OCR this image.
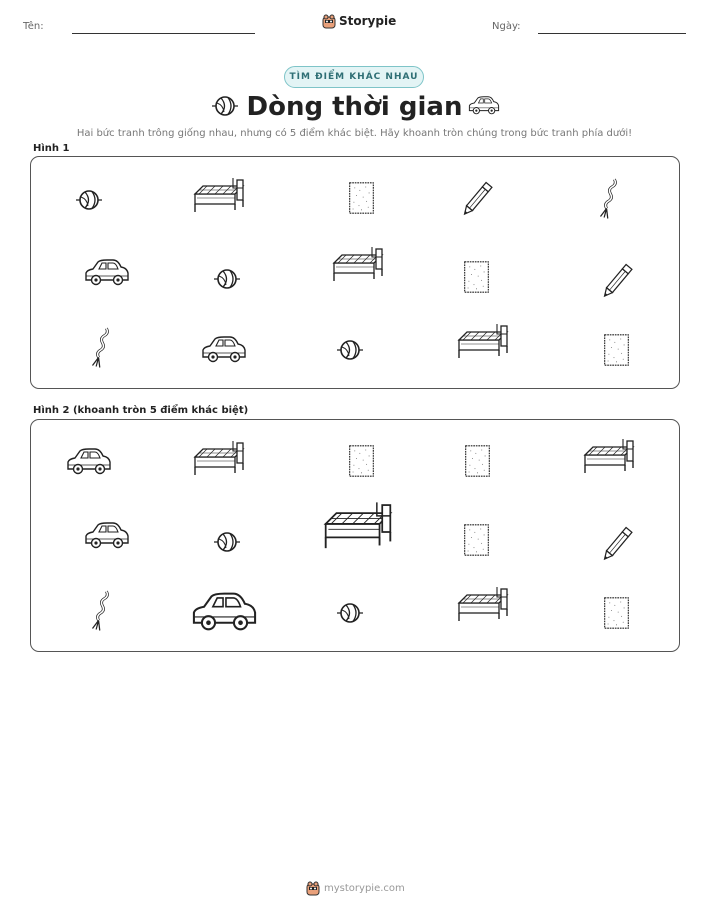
Tên:	Storypie	Ngày:
TÌM ĐIỂM KHÁC NHAU
Dòng thời gian
Hai bức tranh trông giống nhau, nhưng có 5 điểm khác biệt. Hãy khoanh tròn chúng trong bức tranh phía dưới!
Hình 1
Hình 2 (khoanh tròn 5 điểm khác biệt)
mystorypie.com
